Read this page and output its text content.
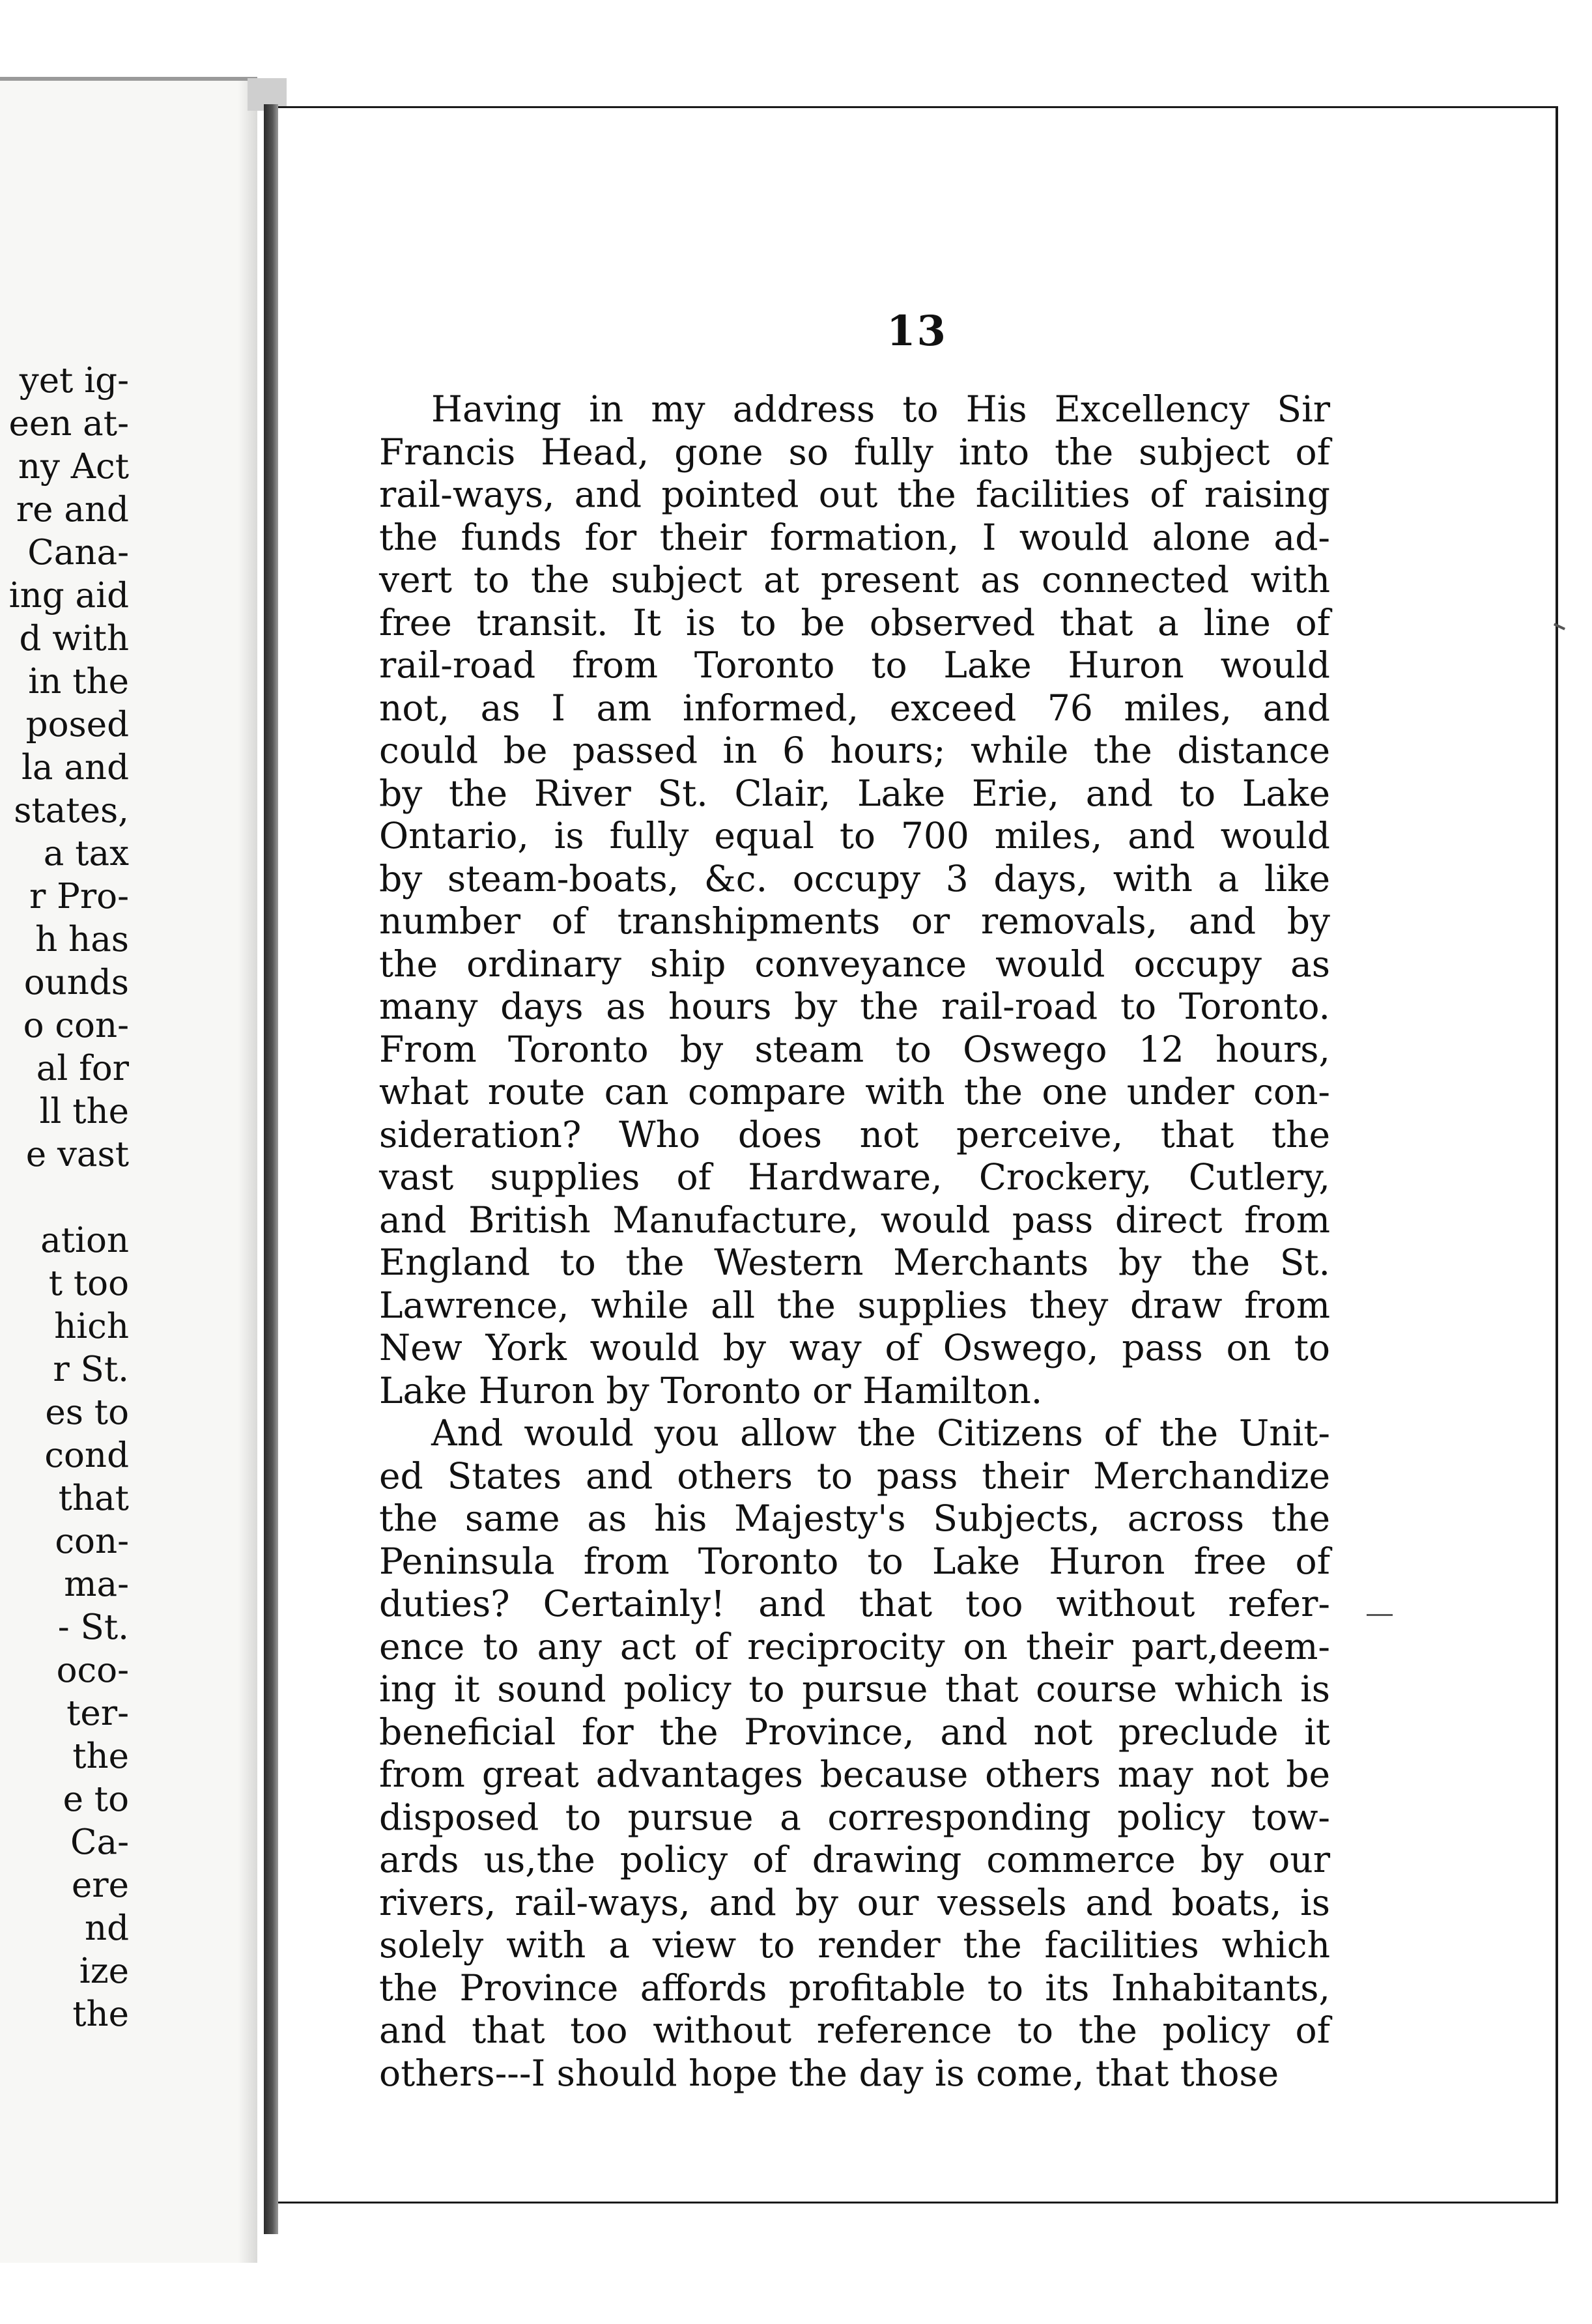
yet ig-
een at-
ny Act
re and
Cana-
ing aid
d with
in the
posed
la and
states,
a tax
r Pro-
h has
ounds
o con-
al for
ll the
e vast
ation
t too
hich
r St.
es to
cond
that
con-
ma-
- St.
oco-
ter-
the
e to
Ca-
ere
nd
ize
the
13
Having in my address to His Excellency Sir
Francis Head, gone so fully into the subject of
rail-ways, and pointed out the facilities of raising
the funds for their formation, I would alone ad-
vert to the subject at present as connected with
free transit. It is to be observed that a line of
rail-road from Toronto to Lake Huron would
not, as I am informed, exceed 76 miles, and
could be passed in 6 hours; while the distance
by the River St. Clair, Lake Erie, and to Lake
Ontario, is fully equal to 700 miles, and would
by steam-boats, &c. occupy 3 days, with a like
number of transhipments or removals, and by
the ordinary ship conveyance would occupy as
many days as hours by the rail-road to Toronto.
From Toronto by steam to Oswego 12 hours,
what route can compare with the one under con-
sideration? Who does not perceive, that the
vast supplies of Hardware, Crockery, Cutlery,
and British Manufacture, would pass direct from
England to the Western Merchants by the St.
Lawrence, while all the supplies they draw from
New York would by way of Oswego, pass on to
Lake Huron by Toronto or Hamilton.
And would you allow the Citizens of the Unit-
ed States and others to pass their Merchandize
the same as his Majesty's Subjects, across the
Peninsula from Toronto to Lake Huron free of
duties? Certainly! and that too without refer-
ence to any act of reciprocity on their part,deem-
ing it sound policy to pursue that course which is
beneficial for the Province, and not preclude it
from great advantages because others may not be
disposed to pursue a corresponding policy tow-
ards us,the policy of drawing commerce by our
rivers, rail-ways, and by our vessels and boats, is
solely with a view to render the facilities which
the Province affords profitable to its Inhabitants,
and that too without reference to the policy of
others---I should hope the day is come, that those
